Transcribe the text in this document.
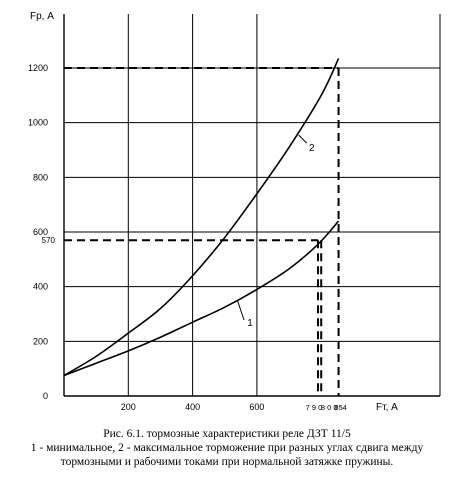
1
2
0
200
400
600
800
1000
1200
570
200	400	600	7 9 0
8 0 0
854
Fр, А
Fт, А
Рис. 6.1. тормозные характеристики реле ДЗТ 11/5
1 - минимальное, 2 - максимальное торможение при разных углах сдвига между
тормозными и рабочими токами при нормальной затяжке пружины.
